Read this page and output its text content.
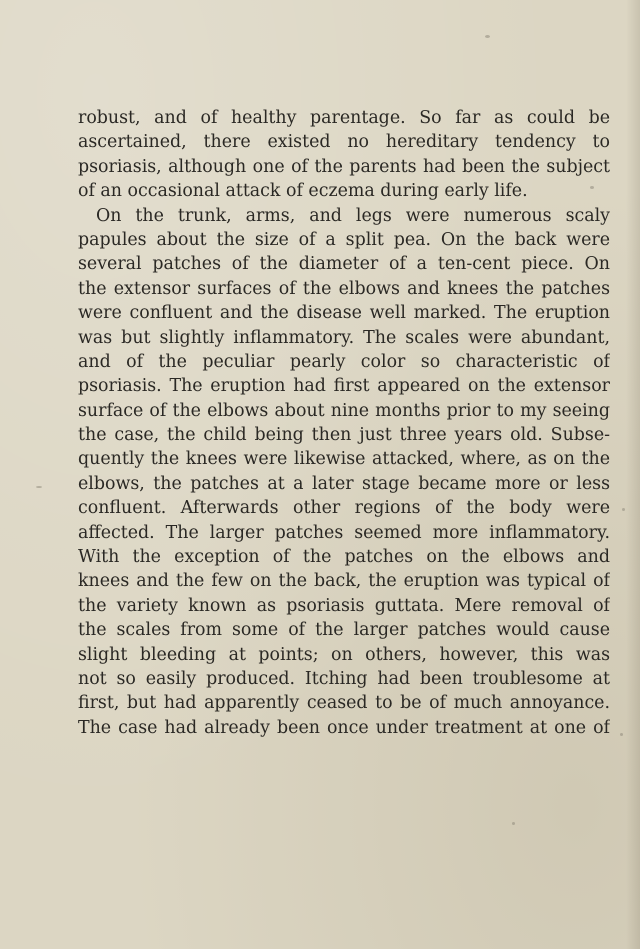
robust, and of healthy parentage. So far as could be
ascertained, there existed no hereditary tendency to
psoriasis, although one of the parents had been the subject
of an occasional attack of eczema during early life.
On the trunk, arms, and legs were numerous scaly
papules about the size of a split pea. On the back were
several patches of the diameter of a ten-cent piece. On
the extensor surfaces of the elbows and knees the patches
were confluent and the disease well marked. The eruption
was but slightly inflammatory. The scales were abundant,
and of the peculiar pearly color so characteristic of
psoriasis. The eruption had first appeared on the extensor
surface of the elbows about nine months prior to my seeing
the case, the child being then just three years old. Subse-
quently the knees were likewise attacked, where, as on the
elbows, the patches at a later stage became more or less
confluent. Afterwards other regions of the body were
affected. The larger patches seemed more inflammatory.
With the exception of the patches on the elbows and
knees and the few on the back, the eruption was typical of
the variety known as psoriasis guttata. Mere removal of
the scales from some of the larger patches would cause
slight bleeding at points; on others, however, this was
not so easily produced. Itching had been troublesome at
first, but had apparently ceased to be of much annoyance.
The case had already been once under treatment at one of
